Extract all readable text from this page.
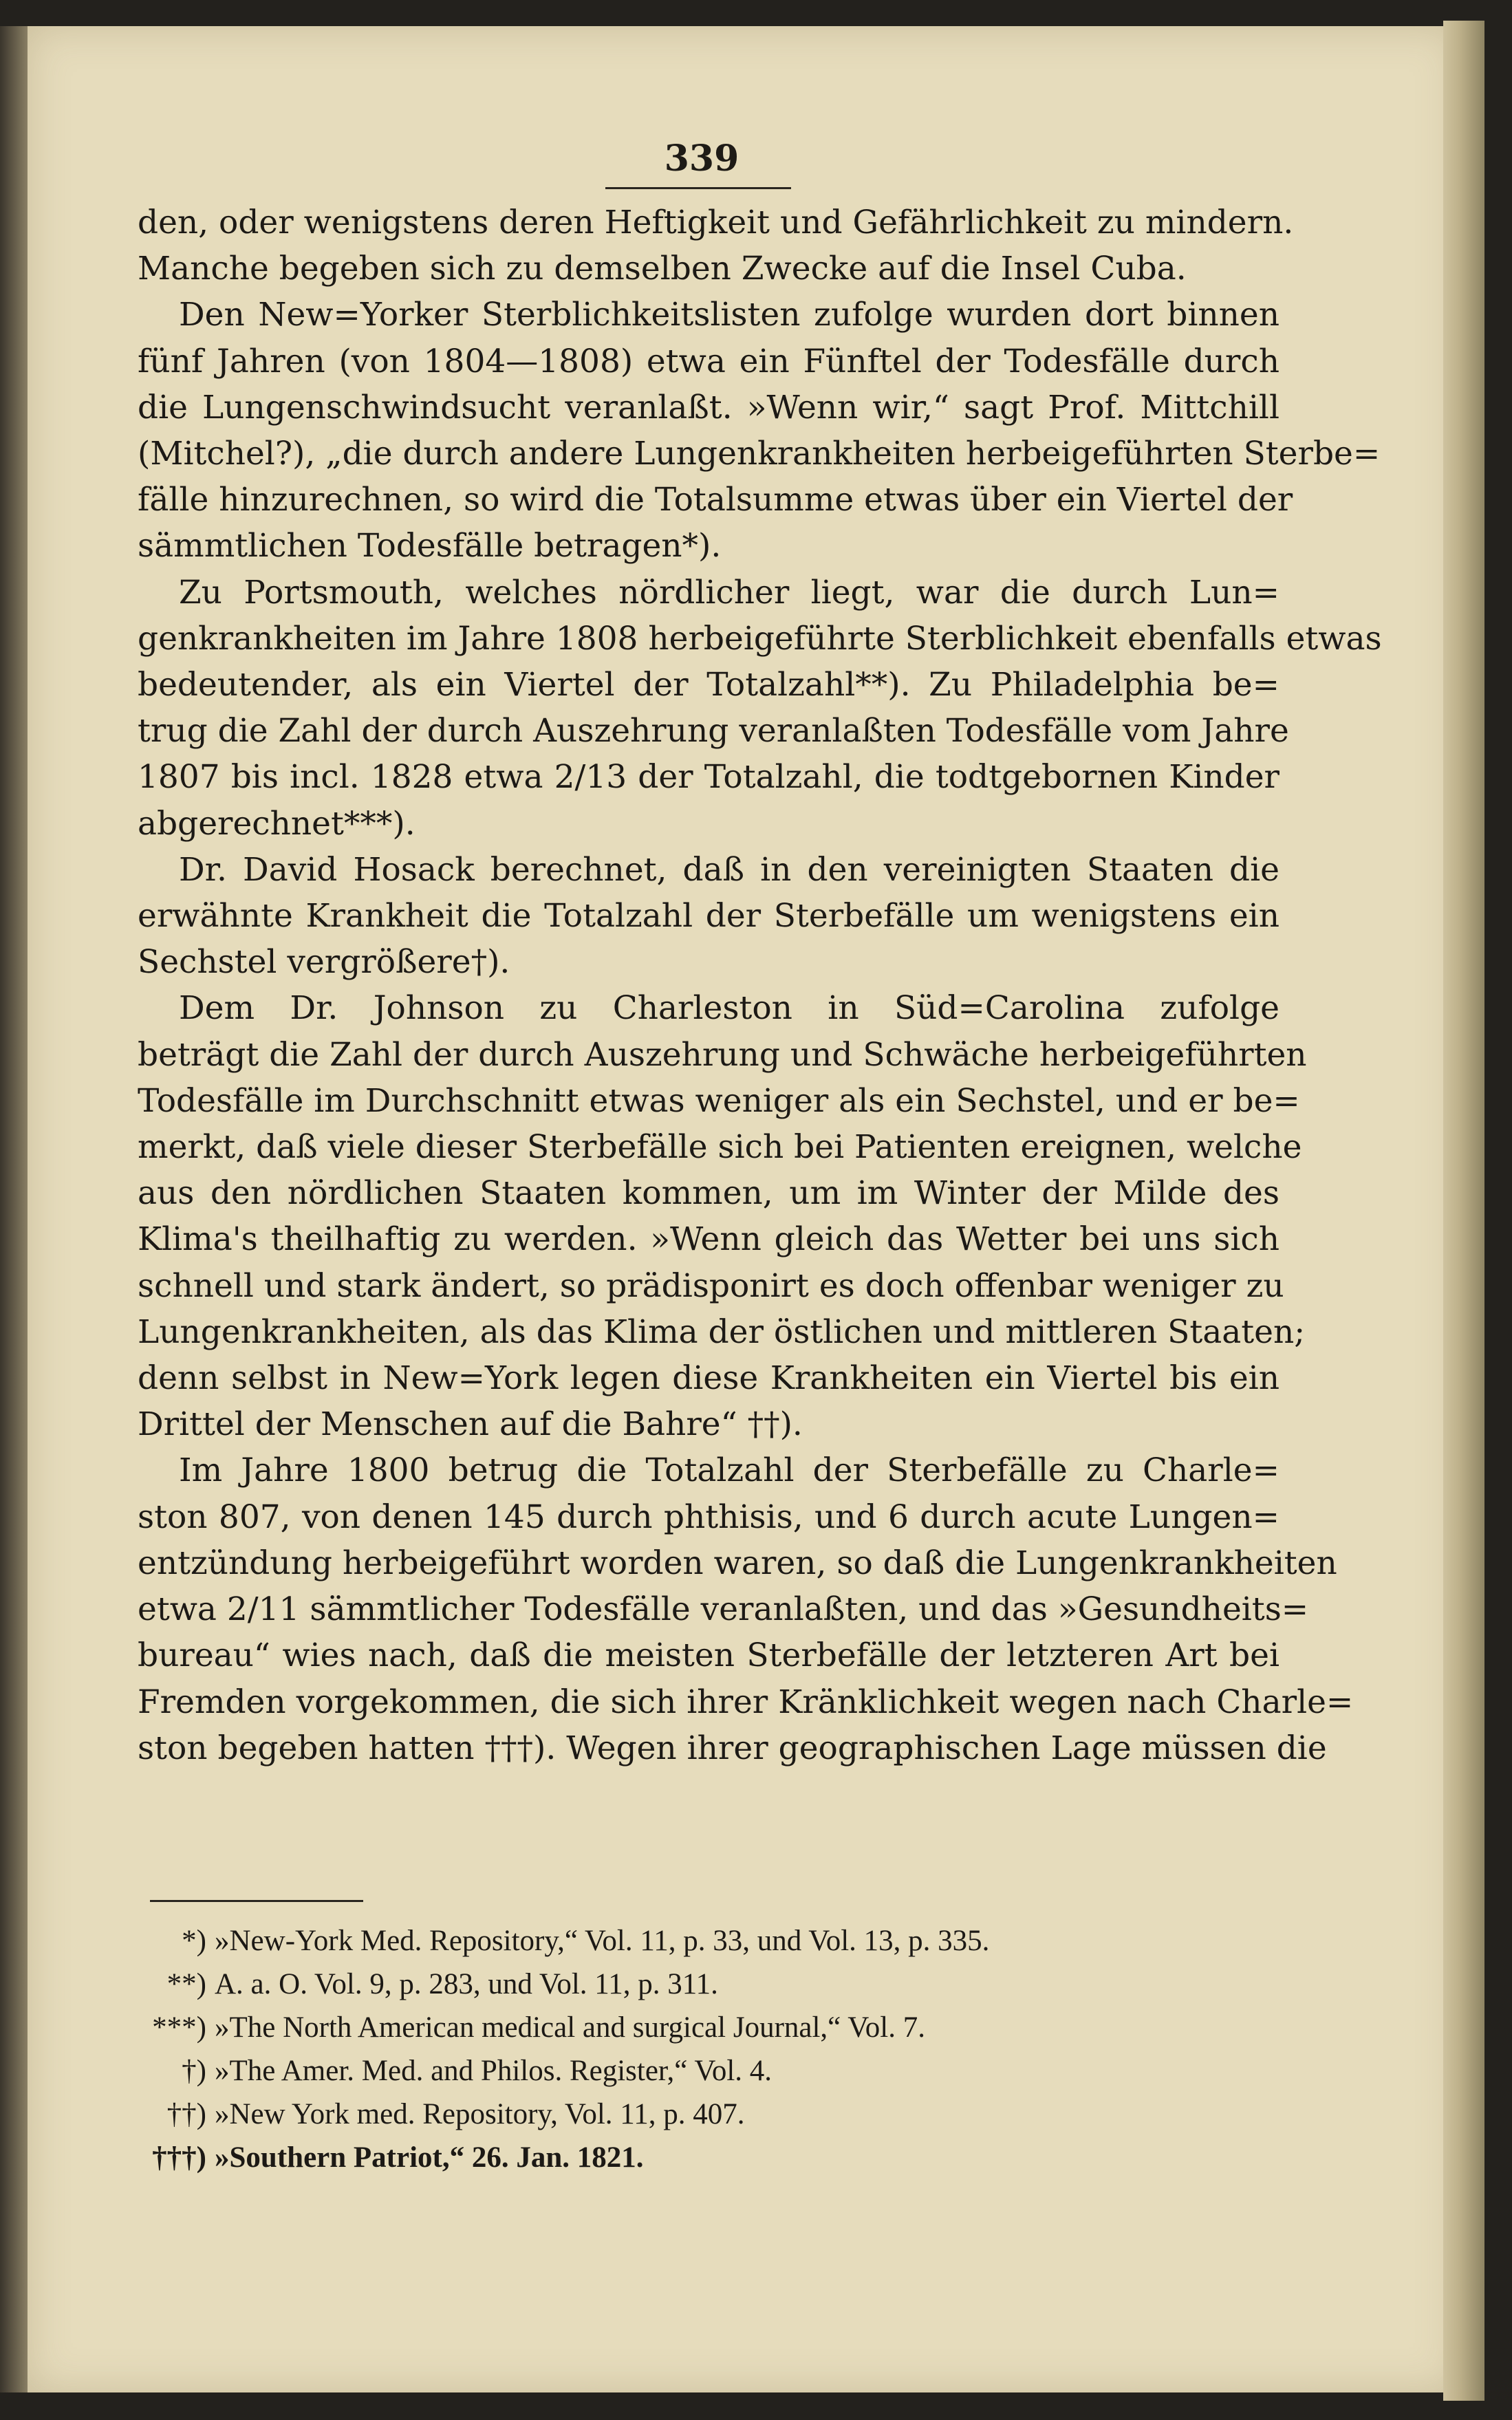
339
den, oder wenigstens deren Heftigkeit und Gefährlichkeit zu mindern.
Manche begeben sich zu demselben Zwecke auf die Insel Cuba.
Den New=Yorker Sterblichkeitslisten zufolge wurden dort binnen
fünf Jahren (von 1804—1808) etwa ein Fünftel der Todesfälle durch
die Lungenschwindsucht veranlaßt. »Wenn wir,“ sagt Prof. Mittchill
(Mitchel?), „die durch andere Lungenkrankheiten herbeigeführten Sterbe=
fälle hinzurechnen, so wird die Totalsumme etwas über ein Viertel der
sämmtlichen Todesfälle betragen*).
Zu Portsmouth, welches nördlicher liegt, war die durch Lun=
genkrankheiten im Jahre 1808 herbeigeführte Sterblichkeit ebenfalls etwas
bedeutender, als ein Viertel der Totalzahl**). Zu Philadelphia be=
trug die Zahl der durch Auszehrung veranlaßten Todesfälle vom Jahre
1807 bis incl. 1828 etwa 2/13 der Totalzahl, die todtgebornen Kinder
abgerechnet***).
Dr. David Hosack berechnet, daß in den vereinigten Staaten die
erwähnte Krankheit die Totalzahl der Sterbefälle um wenigstens ein
Sechstel vergrößere†).
Dem Dr. Johnson zu Charleston in Süd=Carolina zufolge
beträgt die Zahl der durch Auszehrung und Schwäche herbeigeführten
Todesfälle im Durchschnitt etwas weniger als ein Sechstel, und er be=
merkt, daß viele dieser Sterbefälle sich bei Patienten ereignen, welche
aus den nördlichen Staaten kommen, um im Winter der Milde des
Klima's theilhaftig zu werden. »Wenn gleich das Wetter bei uns sich
schnell und stark ändert, so prädisponirt es doch offenbar weniger zu
Lungenkrankheiten, als das Klima der östlichen und mittleren Staaten;
denn selbst in New=York legen diese Krankheiten ein Viertel bis ein
Drittel der Menschen auf die Bahre“ ††).
Im Jahre 1800 betrug die Totalzahl der Sterbefälle zu Charle=
ston 807, von denen 145 durch phthisis, und 6 durch acute Lungen=
entzündung herbeigeführt worden waren, so daß die Lungenkrankheiten
etwa 2/11 sämmtlicher Todesfälle veranlaßten, und das »Gesundheits=
bureau“ wies nach, daß die meisten Sterbefälle der letzteren Art bei
Fremden vorgekommen, die sich ihrer Kränklichkeit wegen nach Charle=
ston begeben hatten †††). Wegen ihrer geographischen Lage müssen die
*) »New-York Med. Repository,“ Vol. 11, p. 33, und Vol. 13, p. 335.
**) A. a. O. Vol. 9, p. 283, und Vol. 11, p. 311.
***) »The North American medical and surgical Journal,“ Vol. 7.
†) »The Amer. Med. and Philos. Register,“ Vol. 4.
††) »New York med. Repository, Vol. 11, p. 407.
†††) »Southern Patriot,“ 26. Jan. 1821.
